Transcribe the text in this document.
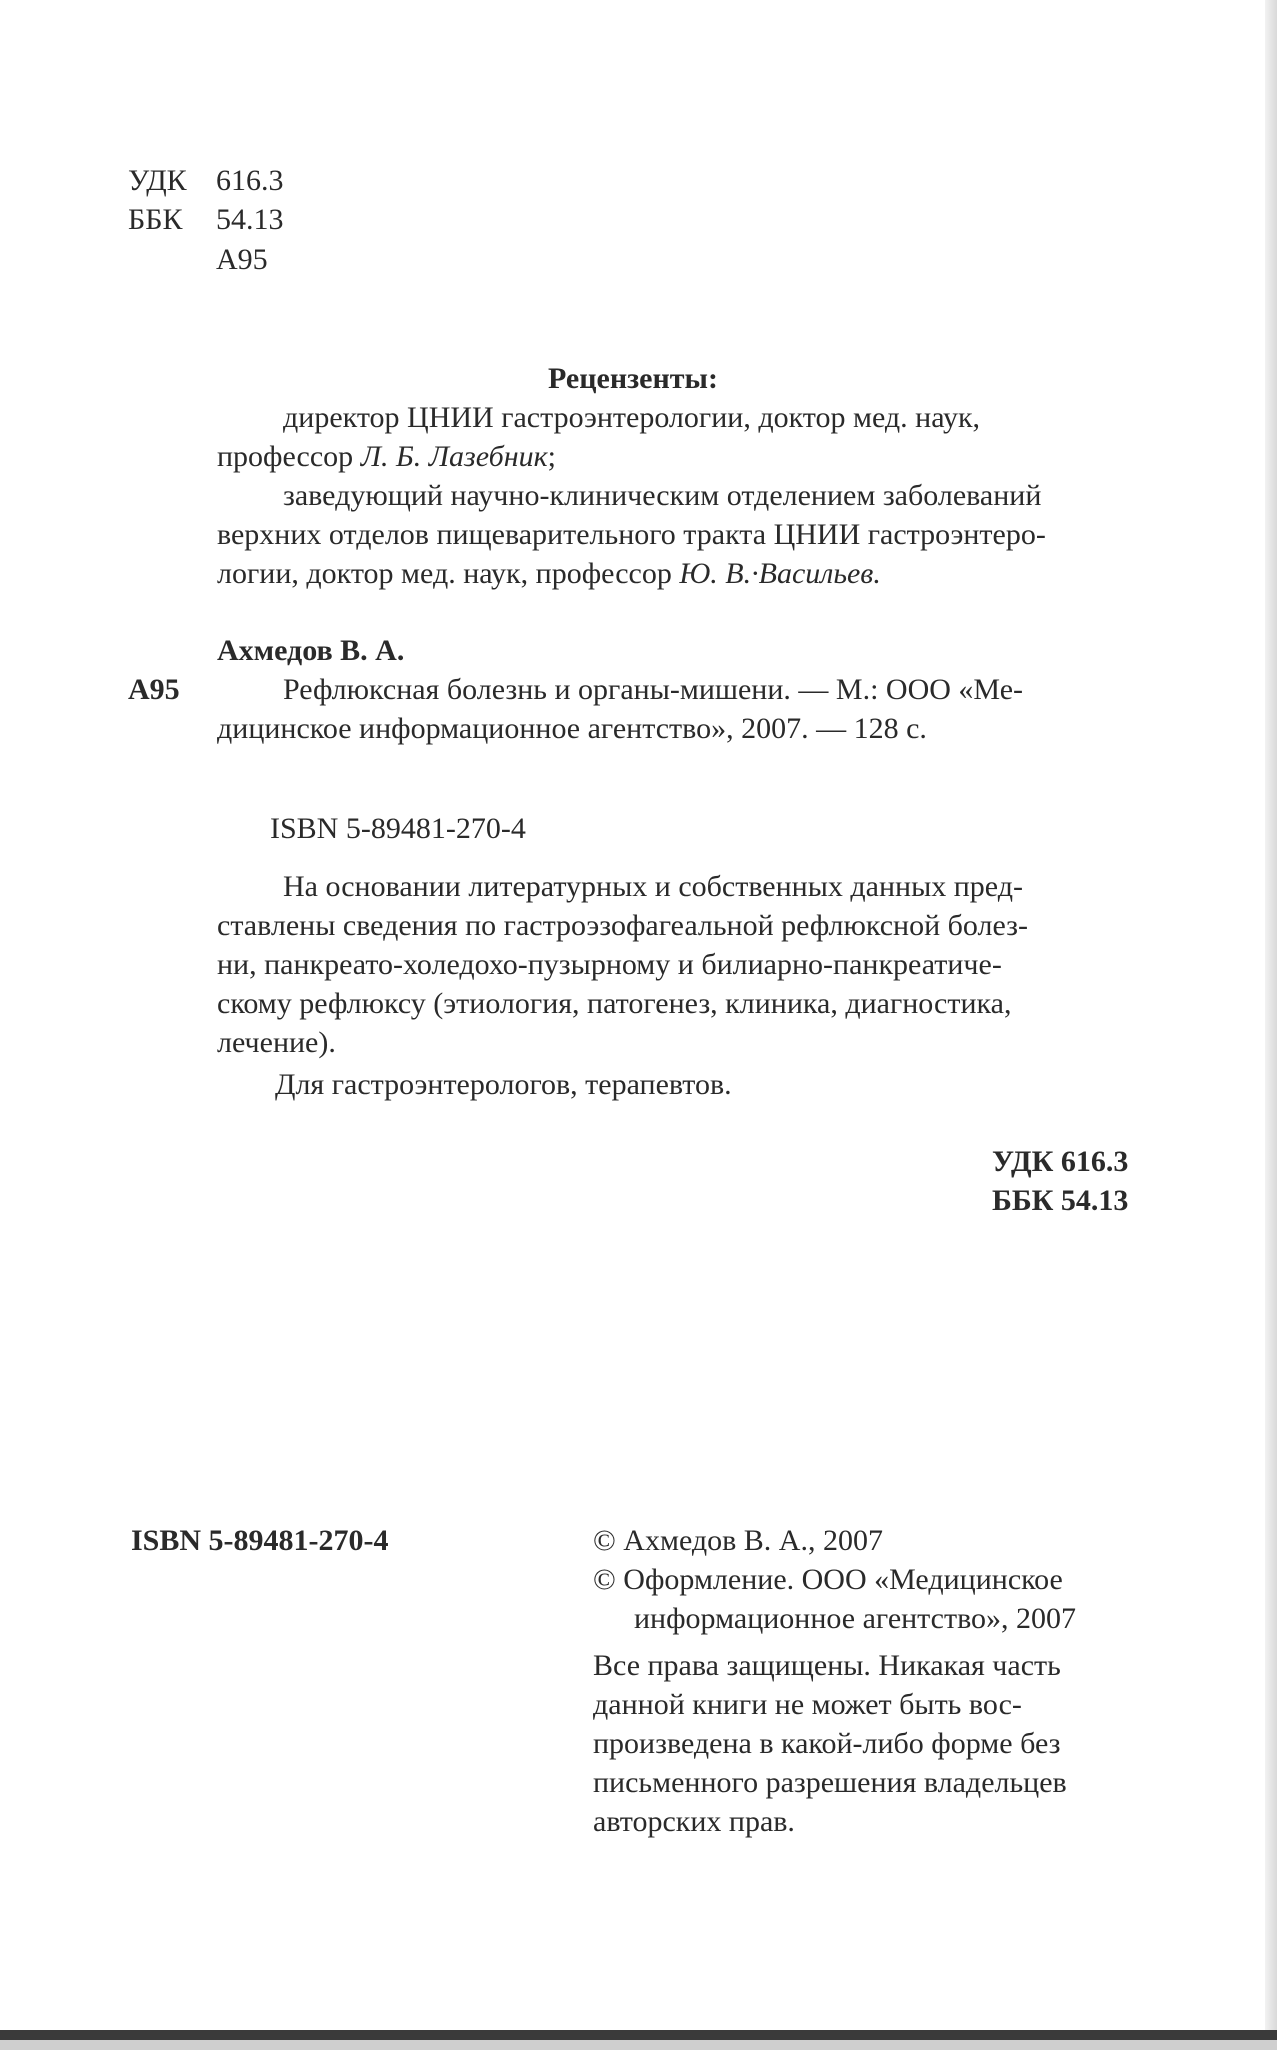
УДК 616.3
ББК 54.13
А95
Рецензенты:
директор ЦНИИ гастроэнтерологии, доктор мед. наук,
профессор Л. Б. Лазебник;
заведующий научно-клиническим отделением заболеваний
верхних отделов пищеварительного тракта ЦНИИ гастроэнтеро-
логии, доктор мед. наук, профессор Ю. В.·Васильев.
Ахмедов В. А.
А95	Рефлюксная болезнь и органы-мишени. — М.: ООО «Ме-
дицинское информационное агентство», 2007. — 128 с.
ISBN 5-89481-270-4
На основании литературных и собственных данных пред-
ставлены сведения по гастроэзофагеальной рефлюксной болез-
ни, панкреато-холедохо-пузырному и билиарно-панкреатиче-
скому рефлюксу (этиология, патогенез, клиника, диагностика,
лечение).
Для гастроэнтерологов, терапевтов.
УДК 616.3
ББК 54.13
ISBN 5-89481-270-4	© Ахмедов В. А., 2007
© Оформление. ООО «Медицинское
информационное агентство», 2007
Все права защищены. Никакая часть
данной книги не может быть вос-
произведена в какой-либо форме без
письменного разрешения владельцев
авторских прав.
